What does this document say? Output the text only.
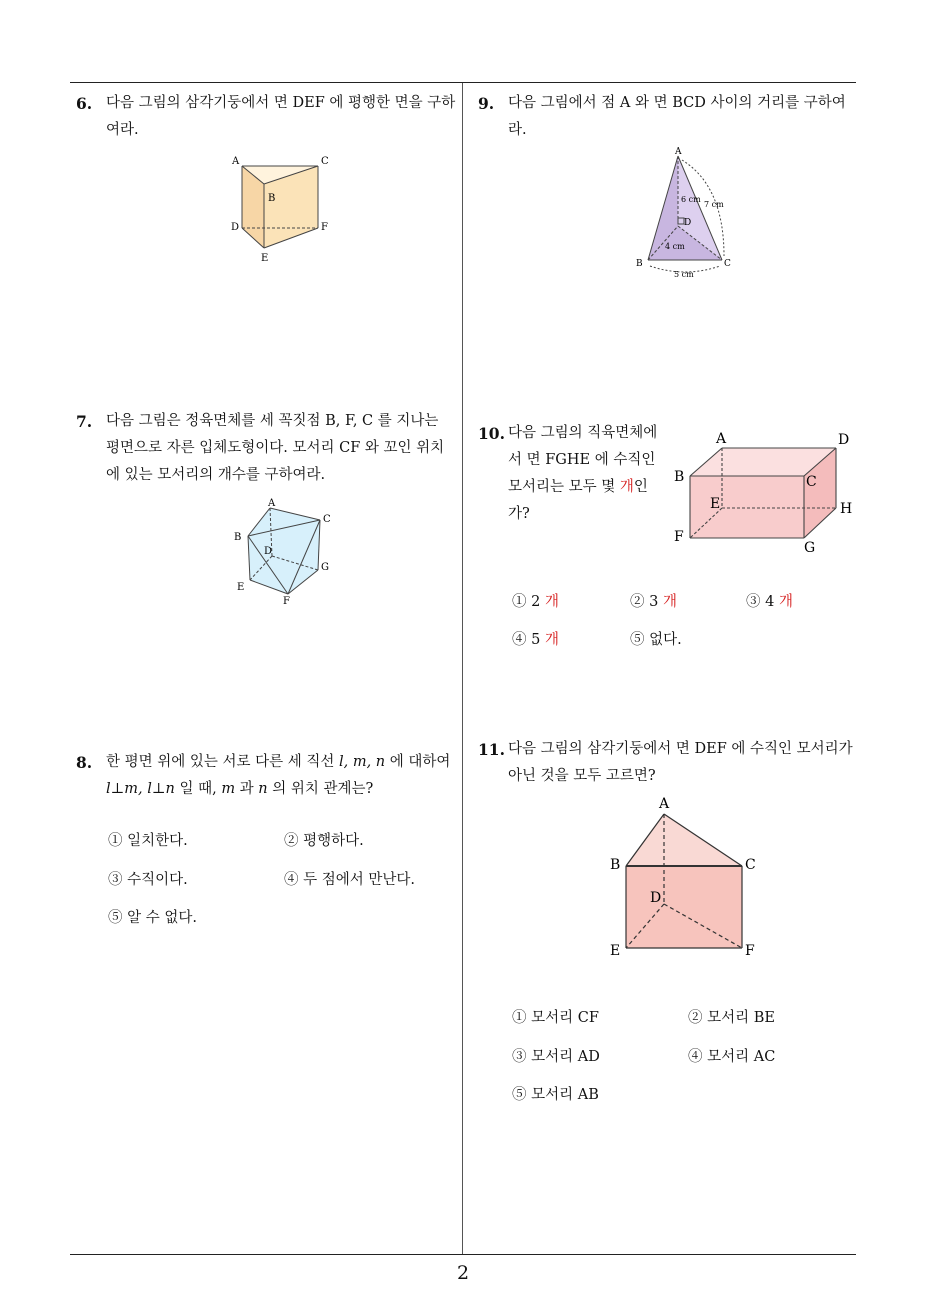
2
6. 다음 그림의 삼각기둥에서 면 DEF 에 평행한 면을 구하여라.
A	C
B
D	F
E
7. 다음 그림은 정육면체를 세 꼭짓점 B, F, C 를 지나는 평면으로 자른 입체도형이다. 모서리 CF 와 꼬인 위치에 있는 모서리의 개수를 구하여라.
A
C
B
D
G
E
F
8. 한 평면 위에 있는 서로 다른 세 직선 l, m, n 에 대하여 l⊥m, l⊥n 일 때, m 과 n 의 위치 관계는?
① 일치한다.	② 평행하다.
③ 수직이다.	④ 두 점에서 만난다.
⑤ 알 수 없다.
9. 다음 그림에서 점 A 와 면 BCD 사이의 거리를 구하여라.
A
D
B	C
6 cm
7 cm
4 cm
5 cm
10. 다음 그림의 직육면체에서 면 FGHE 에 수직인 모서리는 모두 몇 개인가?
A	D
B	C
E	H
F
G
① 2 개	② 3 개	③ 4 개
④ 5 개	⑤ 없다.
11. 다음 그림의 삼각기둥에서 면 DEF 에 수직인 모서리가 아닌 것을 모두 고르면?
A
B	C
D
E	F
① 모서리 CF	② 모서리 BE
③ 모서리 AD	④ 모서리 AC
⑤ 모서리 AB
